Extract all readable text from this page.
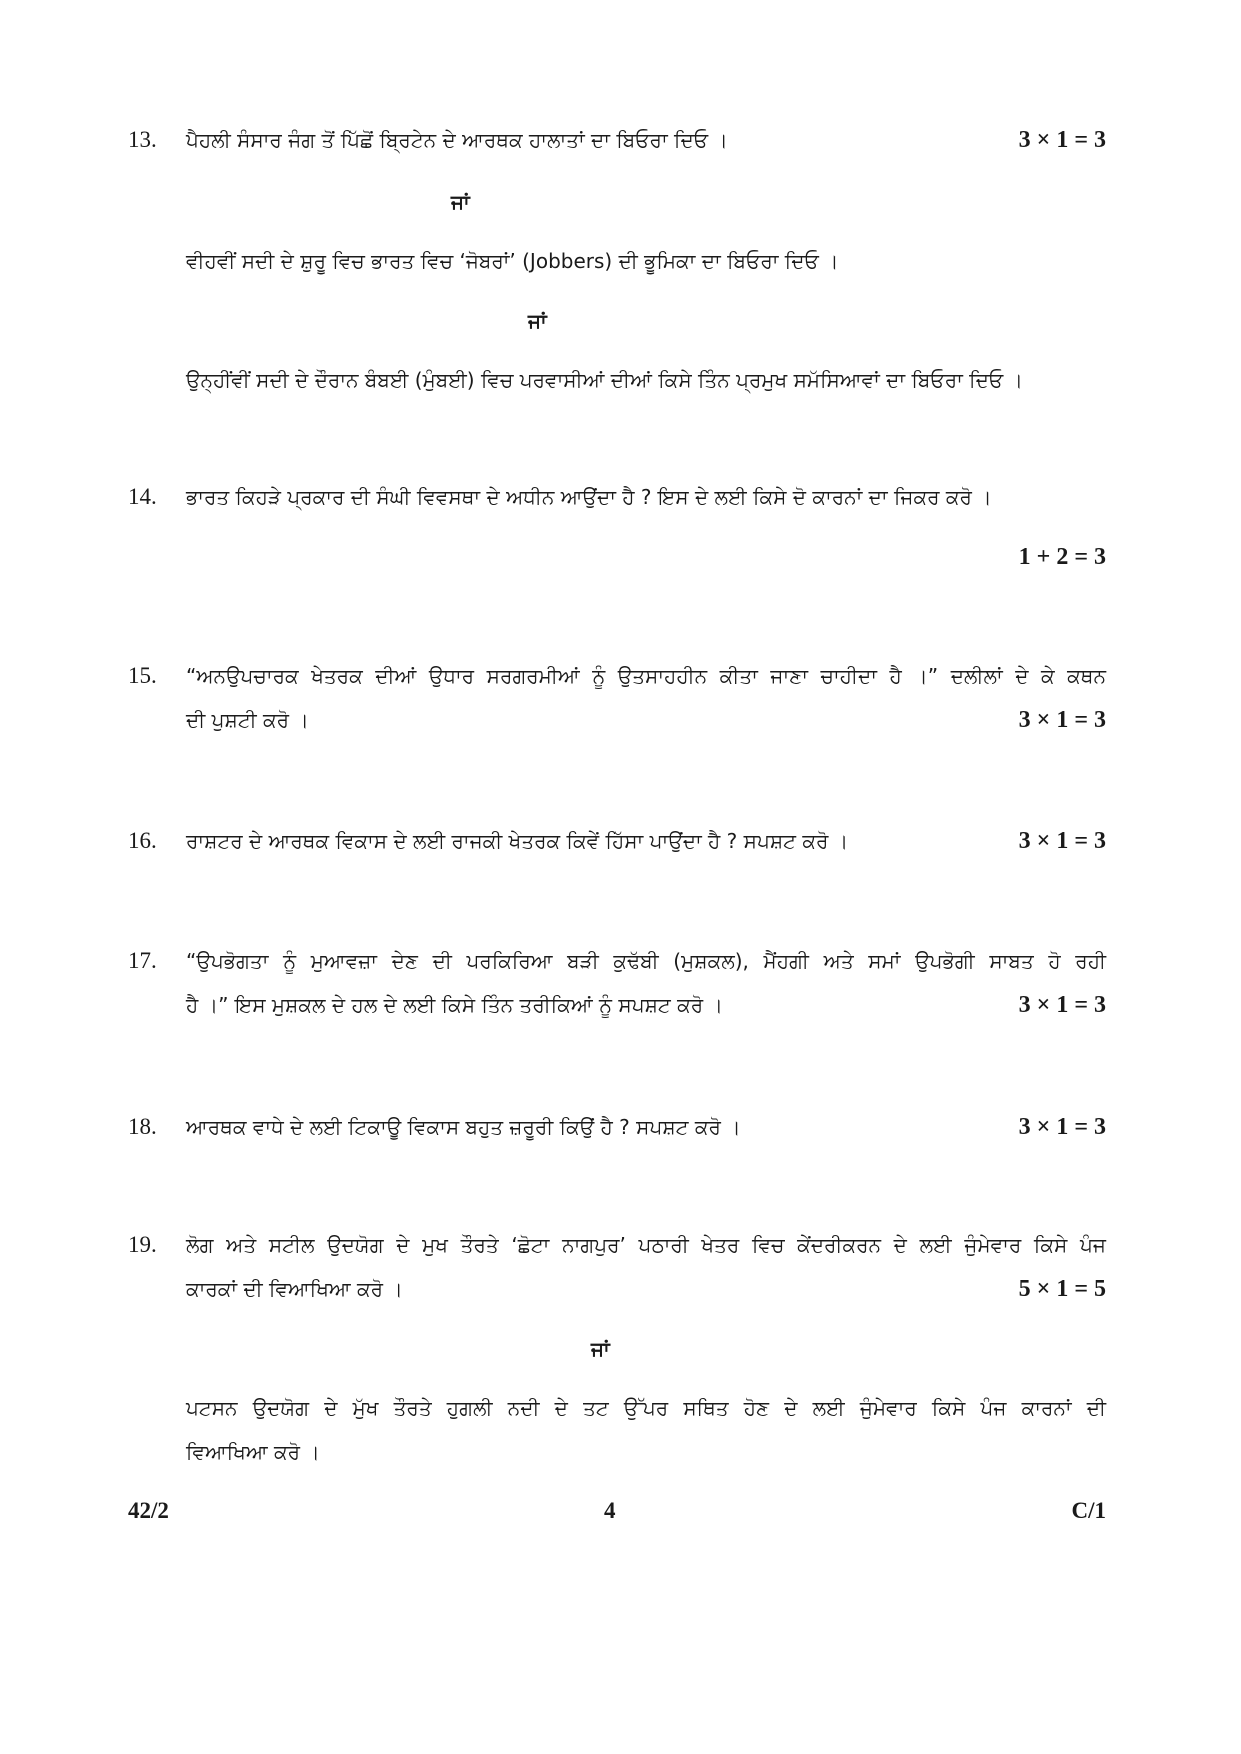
13. ਪੈਹਲੀ ਸੰਸਾਰ ਜੰਗ ਤੋਂ ਪਿੱਛੋਂ ਬ੍ਰਿਟੇਨ ਦੇ ਆਰਥਕ ਹਾਲਾਤਾਂ ਦਾ ਬਿਓਰਾ ਦਿਓ ।	3 × 1 = 3
ਜਾਂ
ਵੀਹਵੀਂ ਸਦੀ ਦੇ ਸ਼ੁਰੂ ਵਿਚ ਭਾਰਤ ਵਿਚ ‘ਜੋਬਰਾਂ’ (Jobbers) ਦੀ ਭੂਮਿਕਾ ਦਾ ਬਿਓਰਾ ਦਿਓ ।
ਜਾਂ
ਉਨ੍ਹੀਂਵੀਂ ਸਦੀ ਦੇ ਦੌਰਾਨ ਬੰਬਈ (ਮੁੰਬਈ) ਵਿਚ ਪਰਵਾਸੀਆਂ ਦੀਆਂ ਕਿਸੇ ਤਿੰਨ ਪ੍ਰਮੁਖ ਸਮੱਸਿਆਵਾਂ ਦਾ ਬਿਓਰਾ ਦਿਓ ।
14. ਭਾਰਤ ਕਿਹੜੇ ਪ੍ਰਕਾਰ ਦੀ ਸੰਘੀ ਵਿਵਸਥਾ ਦੇ ਅਧੀਨ ਆਉਂਦਾ ਹੈ ? ਇਸ ਦੇ ਲਈ ਕਿਸੇ ਦੋ ਕਾਰਨਾਂ ਦਾ ਜਿਕਰ ਕਰੋ ।
1 + 2 = 3
15. “ਅਨਉਪਚਾਰਕ ਖੇਤਰਕ ਦੀਆਂ ਉਧਾਰ ਸਰਗਰਮੀਆਂ ਨੂੰ ਉਤਸਾਹਹੀਨ ਕੀਤਾ ਜਾਣਾ ਚਾਹੀਦਾ ਹੈ ।” ਦਲੀਲਾਂ ਦੇ ਕੇ ਕਥਨ
ਦੀ ਪੁਸ਼ਟੀ ਕਰੋ ।	3 × 1 = 3
16. ਰਾਸ਼ਟਰ ਦੇ ਆਰਥਕ ਵਿਕਾਸ ਦੇ ਲਈ ਰਾਜਕੀ ਖੇਤਰਕ ਕਿਵੇਂ ਹਿੱਸਾ ਪਾਉਂਦਾ ਹੈ ? ਸਪਸ਼ਟ ਕਰੋ ।	3 × 1 = 3
17. “ਉਪਭੋਗਤਾ ਨੂੰ ਮੁਆਵਜ਼ਾ ਦੇਣ ਦੀ ਪਰਕਿਰਿਆ ਬੜੀ ਕੁਢੱਬੀ (ਮੁਸ਼ਕਲ), ਮੈਂਹਗੀ ਅਤੇ ਸਮਾਂ ਉਪਭੋਗੀ ਸਾਬਤ ਹੋ ਰਹੀ
ਹੈ ।” ਇਸ ਮੁਸ਼ਕਲ ਦੇ ਹਲ ਦੇ ਲਈ ਕਿਸੇ ਤਿੰਨ ਤਰੀਕਿਆਂ ਨੂੰ ਸਪਸ਼ਟ ਕਰੋ ।	3 × 1 = 3
18. ਆਰਥਕ ਵਾਧੇ ਦੇ ਲਈ ਟਿਕਾਊ ਵਿਕਾਸ ਬਹੁਤ ਜ਼ਰੂਰੀ ਕਿਉਂ ਹੈ ? ਸਪਸ਼ਟ ਕਰੋ ।	3 × 1 = 3
19. ਲੋਗ ਅਤੇ ਸਟੀਲ ਉਦਯੋਗ ਦੇ ਮੁਖ ਤੌਰਤੇ ‘ਛੋਟਾ ਨਾਗਪੁਰ’ ਪਠਾਰੀ ਖੇਤਰ ਵਿਚ ਕੇਂਦਰੀਕਰਨ ਦੇ ਲਈ ਜੁੰਮੇਵਾਰ ਕਿਸੇ ਪੰਜ
ਕਾਰਕਾਂ ਦੀ ਵਿਆਖਿਆ ਕਰੋ ।	5 × 1 = 5
ਜਾਂ
ਪਟਸਨ ਉਦਯੋਗ ਦੇ ਮੁੱਖ ਤੌਰਤੇ ਹੁਗਲੀ ਨਦੀ ਦੇ ਤਟ ਉੱਪਰ ਸਥਿਤ ਹੋਣ ਦੇ ਲਈ ਜੁੰਮੇਵਾਰ ਕਿਸੇ ਪੰਜ ਕਾਰਨਾਂ ਦੀ
ਵਿਆਖਿਆ ਕਰੋ ।
42/2	4	C/1
